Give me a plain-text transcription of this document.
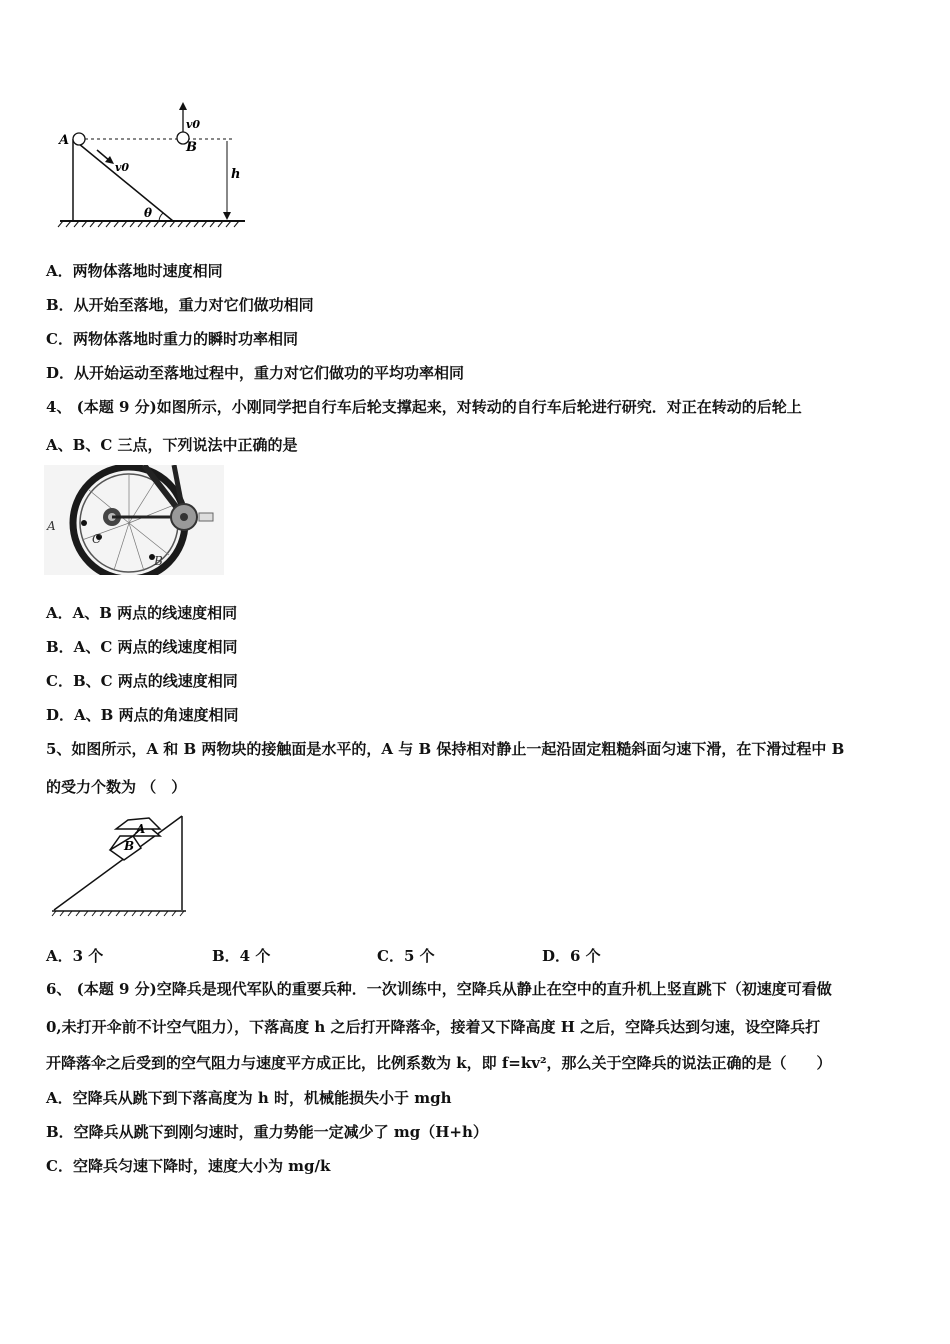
A	B
v0
v0	h
θ
A．两物体落地时速度相同
B．从开始至落地，重力对它们做功相同
C．两物体落地时重力的瞬时功率相同
D．从开始运动至落地过程中，重力对它们做功的平均功率相同
4、 (本题 9 分)如图所示，小刚同学把自行车后轮支撑起来，对转动的自行车后轮进行研究．对正在转动的后轮上
A、B、C 三点，下列说法中正确的是
A
C
B
A．A、B 两点的线速度相同
B．A、C 两点的线速度相同
C．B、C 两点的线速度相同
D．A、B 两点的角速度相同
5、如图所示，A 和 B 两物块的接触面是水平的，A 与 B 保持相对静止一起沿固定粗糙斜面匀速下滑，在下滑过程中 B
的受力个数为 （　）
A
B
A．3 个	B．4 个	C．5 个	D．6 个
6、 (本题 9 分)空降兵是现代军队的重要兵种．一次训练中，空降兵从静止在空中的直升机上竖直跳下（初速度可看做
0,未打开伞前不计空气阻力），下落高度 h 之后打开降落伞，接着又下降高度 H 之后，空降兵达到匀速，设空降兵打
开降落伞之后受到的空气阻力与速度平方成正比，比例系数为 k，即 f=kv²，那么关于空降兵的说法正确的是（　　）
A．空降兵从跳下到下落高度为 h 时，机械能损失小于 mgh
B．空降兵从跳下到刚匀速时，重力势能一定减少了 mg（H+h）
C．空降兵匀速下降时，速度大小为 mg/k
